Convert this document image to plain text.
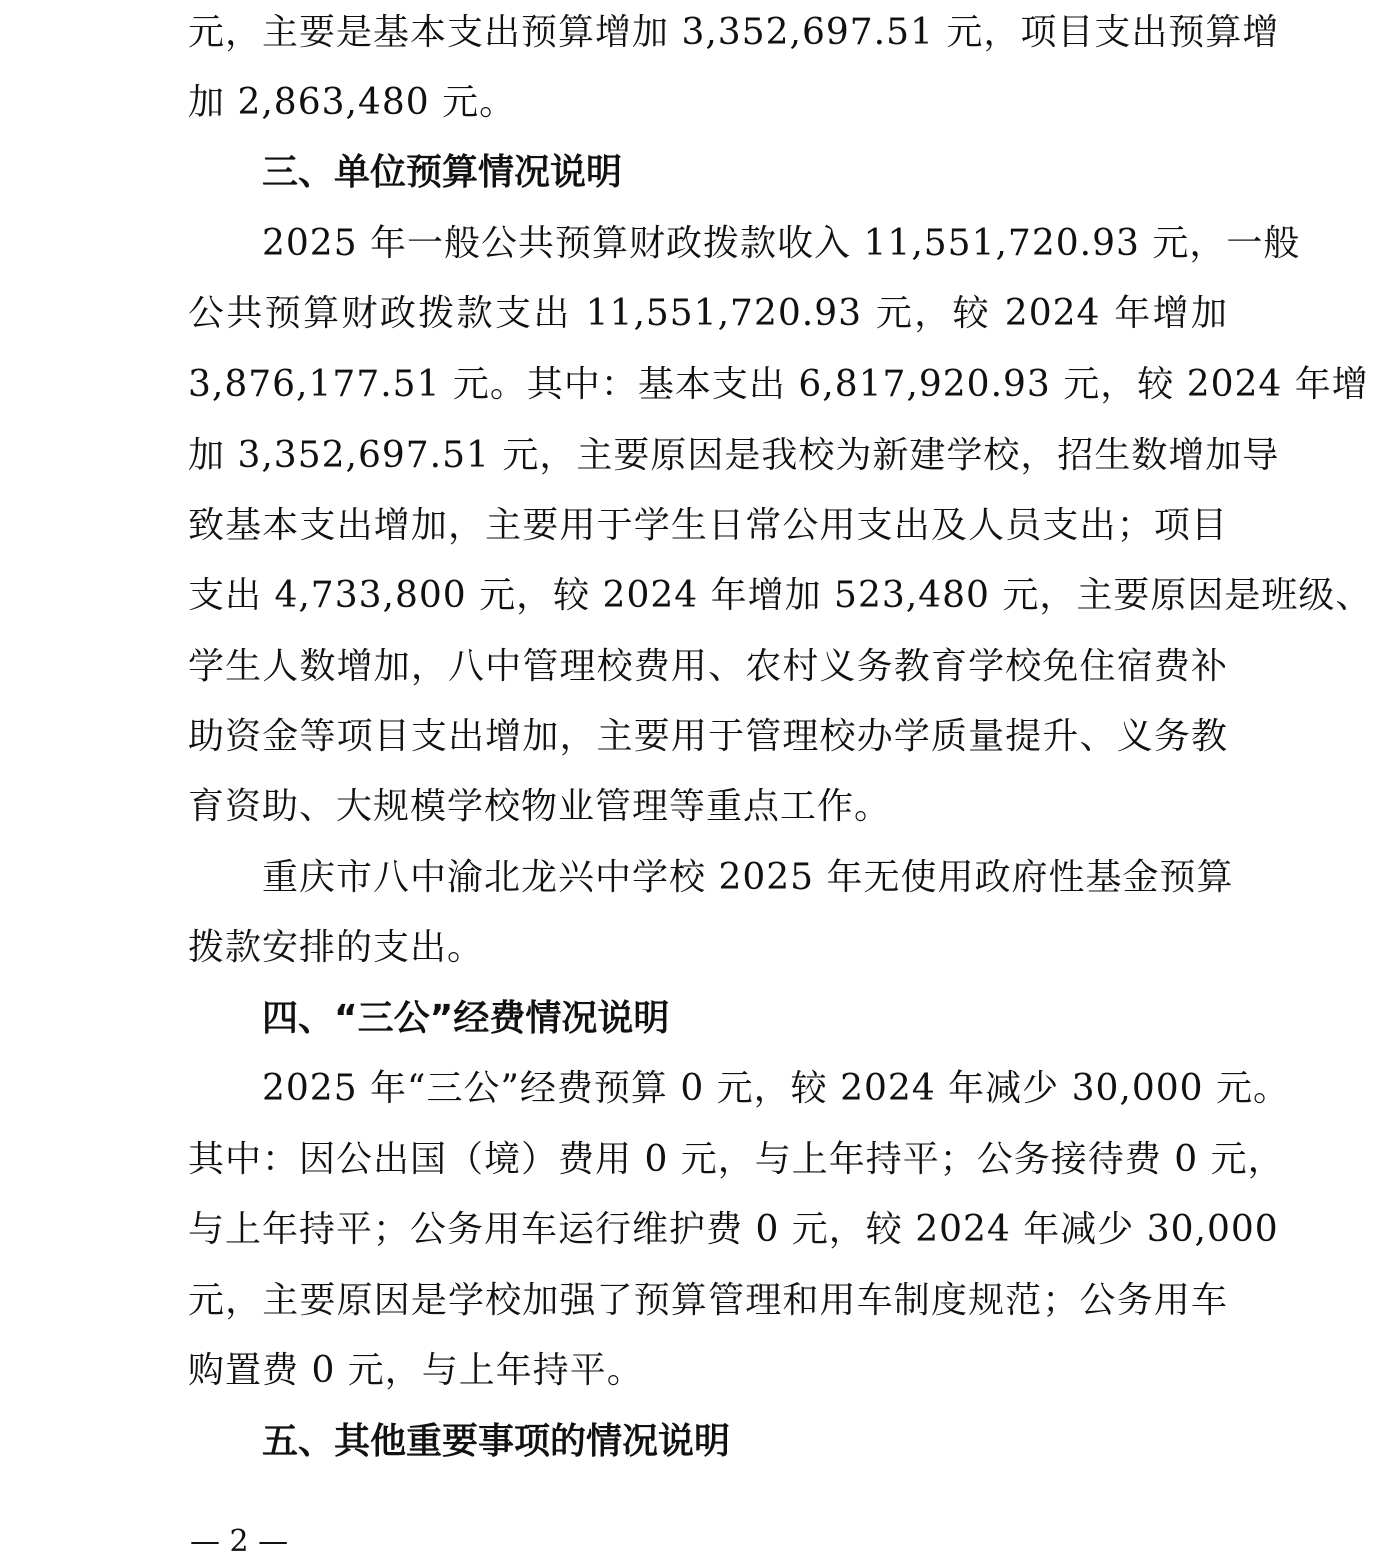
元，主要是基本支出预算增加 3,352,697.51 元，项目支出预算增
加 2,863,480 元。
三、单位预算情况说明
2025 年一般公共预算财政拨款收入 11,551,720.93 元，一般
公共预算财政拨款支出 11,551,720.93 元，较 2024 年增加
3,876,177.51 元。其中：基本支出 6,817,920.93 元，较 2024 年增
加 3,352,697.51 元，主要原因是我校为新建学校，招生数增加导
致基本支出增加，主要用于学生日常公用支出及人员支出；项目
支出 4,733,800 元，较 2024 年增加 523,480 元，主要原因是班级、
学生人数增加，八中管理校费用、农村义务教育学校免住宿费补
助资金等项目支出增加，主要用于管理校办学质量提升、义务教
育资助、大规模学校物业管理等重点工作。
重庆市八中渝北龙兴中学校 2025 年无使用政府性基金预算
拨款安排的支出。
四、“三公”经费情况说明
2025 年“三公”经费预算 0 元，较 2024 年减少 30,000 元。
其中：因公出国（境）费用 0 元，与上年持平；公务接待费 0 元，
与上年持平；公务用车运行维护费 0 元，较 2024 年减少 30,000
元，主要原因是学校加强了预算管理和用车制度规范；公务用车
购置费 0 元，与上年持平。
五、其他重要事项的情况说明
— 2 —
